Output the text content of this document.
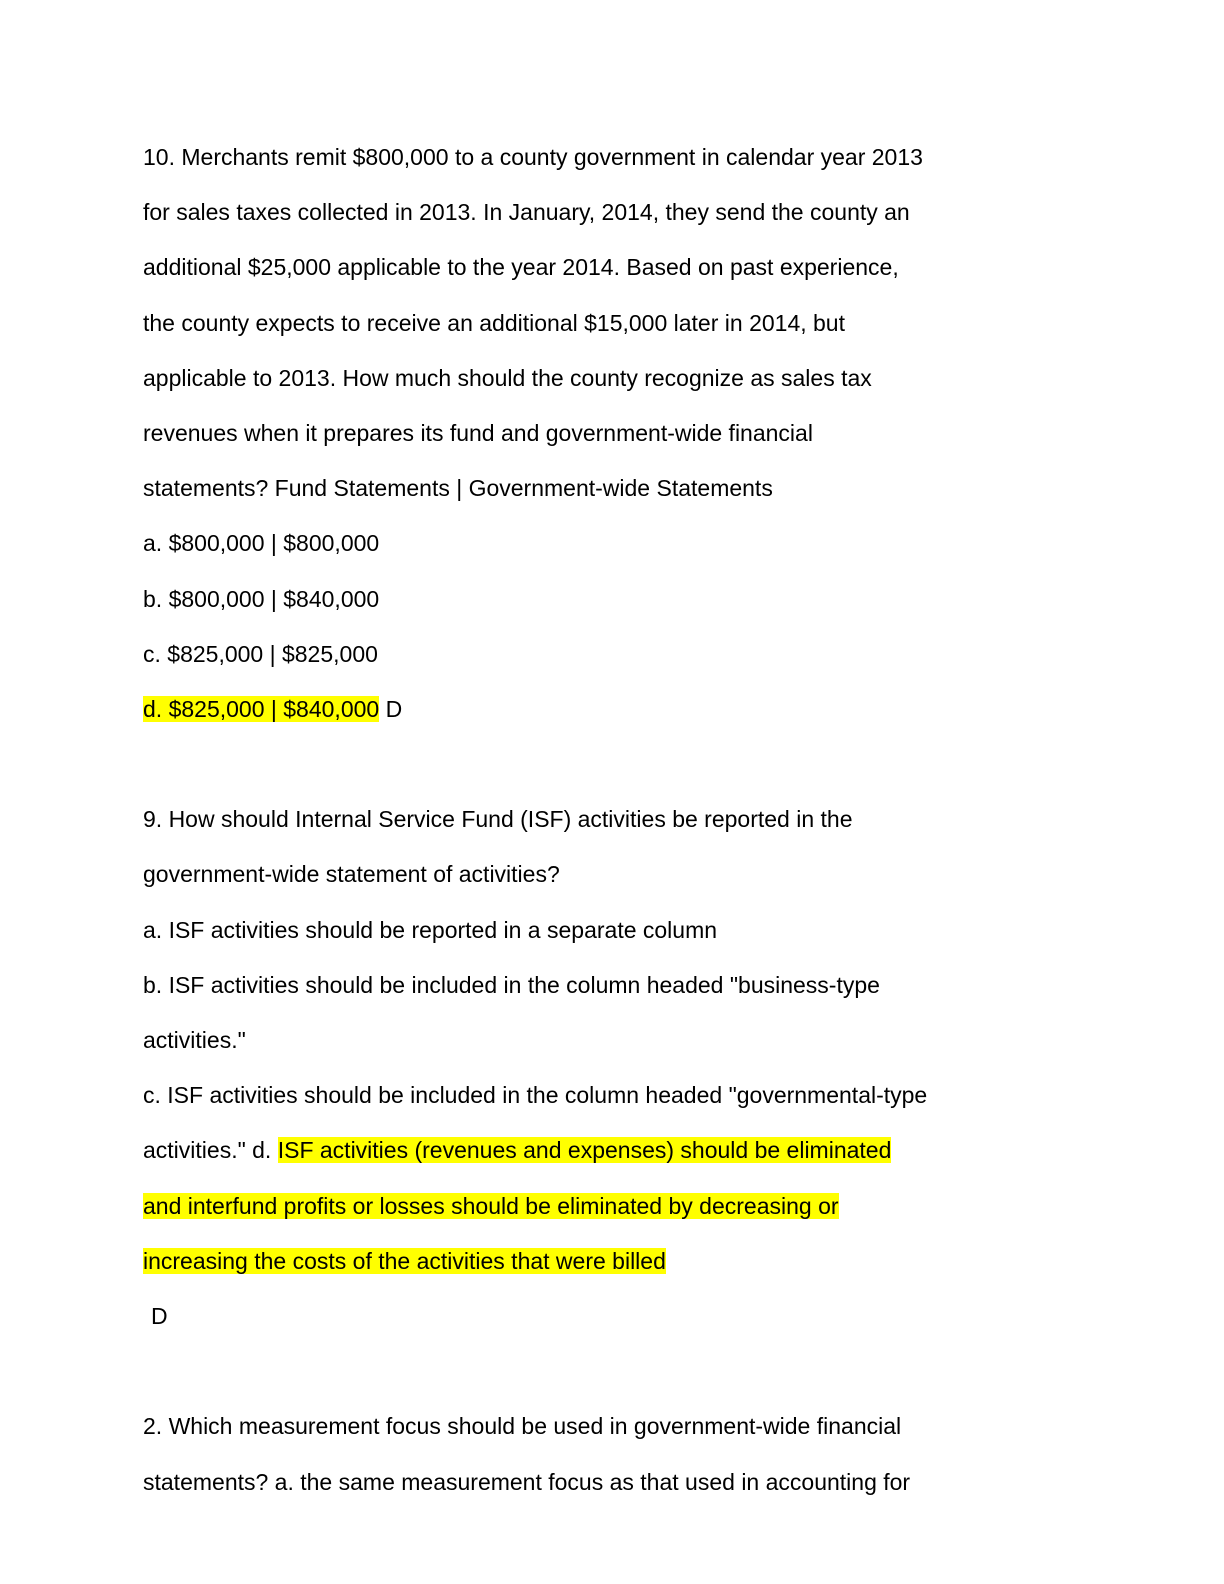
10. Merchants remit $800,000 to a county government in calendar year 2013
for sales taxes collected in 2013. In January, 2014, they send the county an
additional $25,000 applicable to the year 2014. Based on past experience,
the county expects to receive an additional $15,000 later in 2014, but
applicable to 2013. How much should the county recognize as sales tax
revenues when it prepares its fund and government-wide financial
statements? Fund Statements | Government-wide Statements
a. $800,000 | $800,000
b. $800,000 | $840,000
c. $825,000 | $825,000
d. $825,000 | $840,000 D
9. How should Internal Service Fund (ISF) activities be reported in the
government-wide statement of activities?
a. ISF activities should be reported in a separate column
b. ISF activities should be included in the column headed "business-type
activities."
c. ISF activities should be included in the column headed "governmental-type
activities." d. ISF activities (revenues and expenses) should be eliminated
and interfund profits or losses should be eliminated by decreasing or
increasing the costs of the activities that were billed
D
2. Which measurement focus should be used in government-wide financial
statements? a. the same measurement focus as that used in accounting for
